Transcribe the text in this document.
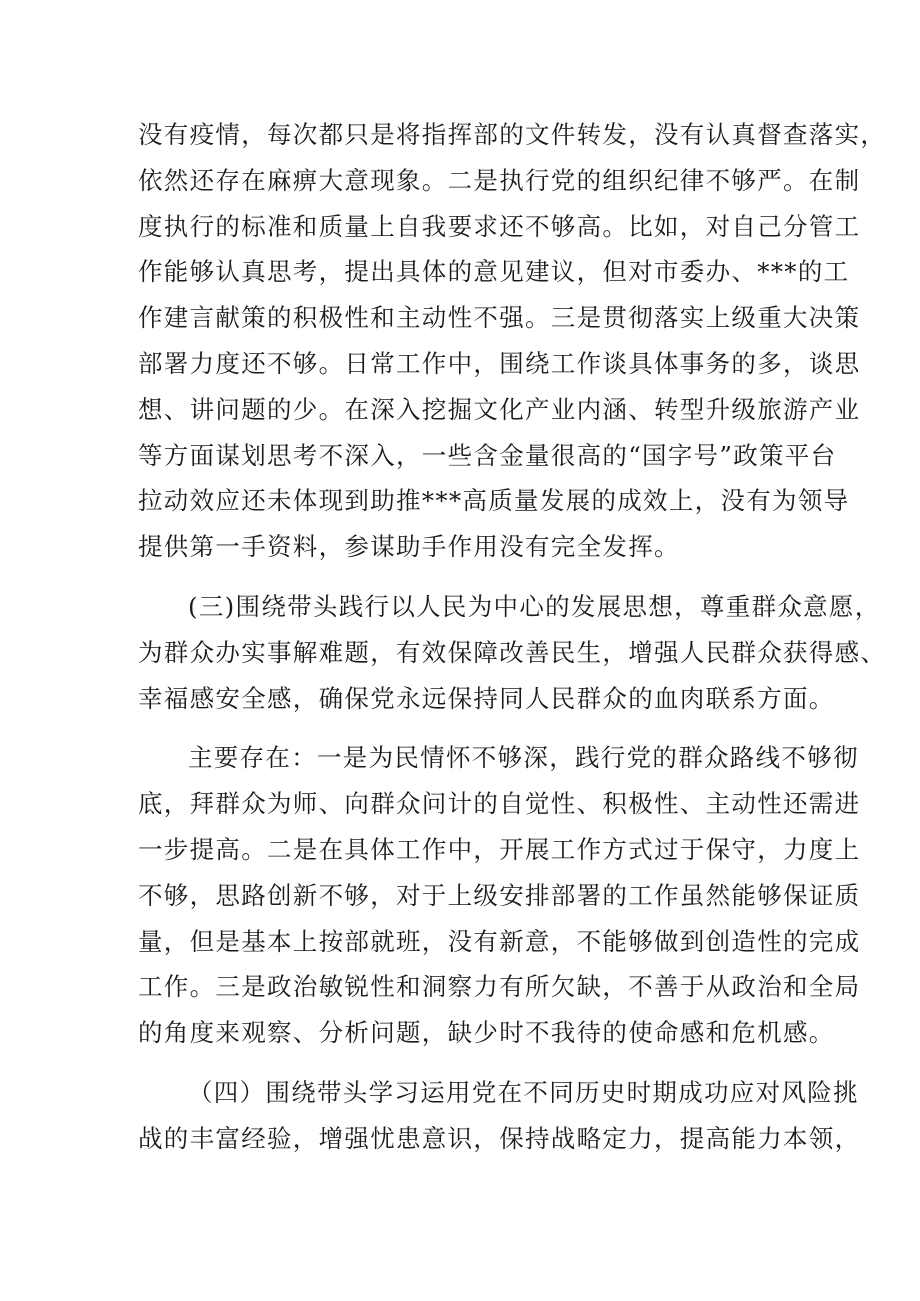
没有疫情，每次都只是将指挥部的文件转发，没有认真督查落实，
依然还存在麻痹大意现象。二是执行党的组织纪律不够严。在制
度执行的标准和质量上自我要求还不够高。比如，对自己分管工
作能够认真思考，提出具体的意见建议，但对市委办、***的工
作建言献策的积极性和主动性不强。三是贯彻落实上级重大决策
部署力度还不够。日常工作中，围绕工作谈具体事务的多，谈思
想、讲问题的少。在深入挖掘文化产业内涵、转型升级旅游产业
等方面谋划思考不深入，一些含金量很高的“国字号”政策平台
拉动效应还未体现到助推***高质量发展的成效上，没有为领导
提供第一手资料，参谋助手作用没有完全发挥。
(三)围绕带头践行以人民为中心的发展思想，尊重群众意愿，
为群众办实事解难题，有效保障改善民生，增强人民群众获得感、
幸福感安全感，确保党永远保持同人民群众的血肉联系方面。
主要存在：一是为民情怀不够深，践行党的群众路线不够彻
底，拜群众为师、向群众问计的自觉性、积极性、主动性还需进
一步提高。二是在具体工作中，开展工作方式过于保守，力度上
不够，思路创新不够，对于上级安排部署的工作虽然能够保证质
量，但是基本上按部就班，没有新意，不能够做到创造性的完成
工作。三是政治敏锐性和洞察力有所欠缺，不善于从政治和全局
的角度来观察、分析问题，缺少时不我待的使命感和危机感。
（四）围绕带头学习运用党在不同历史时期成功应对风险挑
战的丰富经验，增强忧患意识，保持战略定力，提高能力本领，
